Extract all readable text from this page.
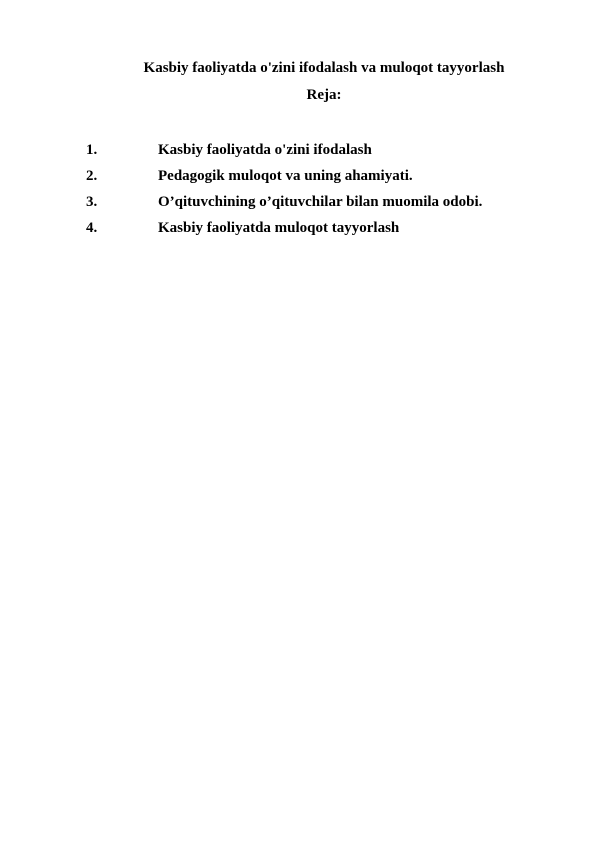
Kasbiy faoliyatda o'zini ifodalash va muloqot tayyorlash
Reja:
1.	Kasbiy faoliyatda o'zini ifodalash
2.	Pedagogik muloqot va uning ahamiyati.
3.	O’qituvchining o’qituvchilar bilan muomila odobi.
4.	Kasbiy faoliyatda muloqot tayyorlash
